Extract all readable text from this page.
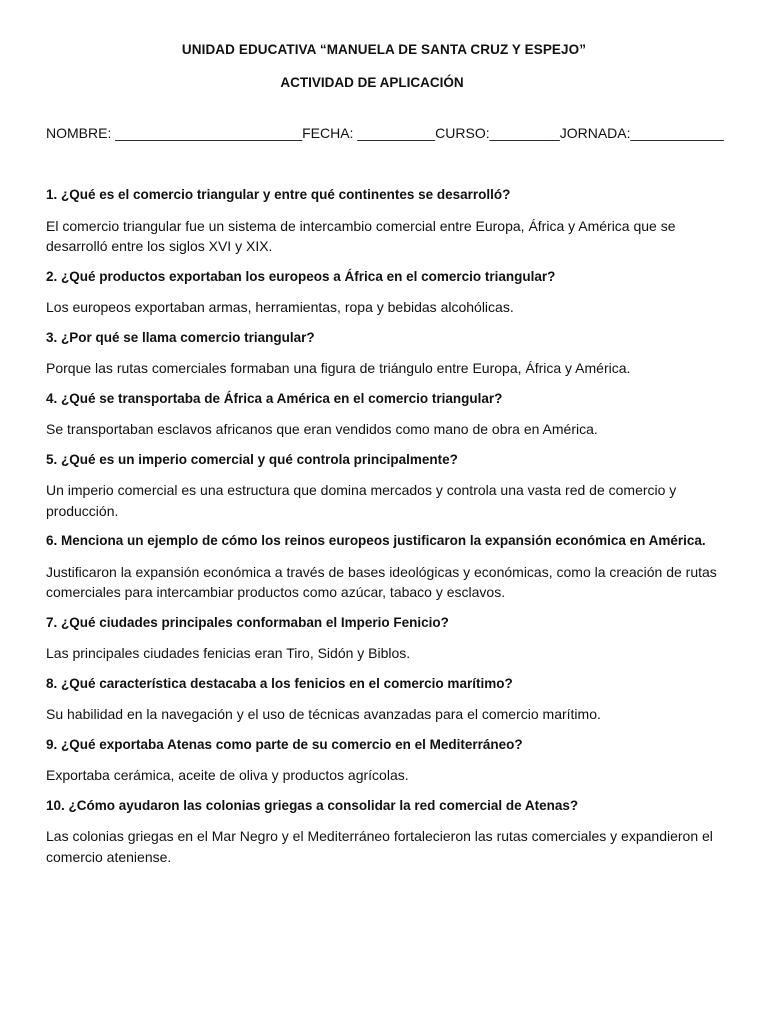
UNIDAD EDUCATIVA “MANUELA DE SANTA CRUZ Y ESPEJO”
ACTIVIDAD DE APLICACIÓN
NOMBRE: ________________________FECHA: __________CURSO:_________JORNADA:____________
1. ¿Qué es el comercio triangular y entre qué continentes se desarrolló?
El comercio triangular fue un sistema de intercambio comercial entre Europa, África y América que se desarrolló entre los siglos XVI y XIX.
2. ¿Qué productos exportaban los europeos a África en el comercio triangular?
Los europeos exportaban armas, herramientas, ropa y bebidas alcohólicas.
3. ¿Por qué se llama comercio triangular?
Porque las rutas comerciales formaban una figura de triángulo entre Europa, África y América.
4. ¿Qué se transportaba de África a América en el comercio triangular?
Se transportaban esclavos africanos que eran vendidos como mano de obra en América.
5. ¿Qué es un imperio comercial y qué controla principalmente?
Un imperio comercial es una estructura que domina mercados y controla una vasta red de comercio y producción.
6. Menciona un ejemplo de cómo los reinos europeos justificaron la expansión económica en América.
Justificaron la expansión económica a través de bases ideológicas y económicas, como la creación de rutas comerciales para intercambiar productos como azúcar, tabaco y esclavos.
7. ¿Qué ciudades principales conformaban el Imperio Fenicio?
Las principales ciudades fenicias eran Tiro, Sidón y Biblos.
8. ¿Qué característica destacaba a los fenicios en el comercio marítimo?
Su habilidad en la navegación y el uso de técnicas avanzadas para el comercio marítimo.
9. ¿Qué exportaba Atenas como parte de su comercio en el Mediterráneo?
Exportaba cerámica, aceite de oliva y productos agrícolas.
10. ¿Cómo ayudaron las colonias griegas a consolidar la red comercial de Atenas?
Las colonias griegas en el Mar Negro y el Mediterráneo fortalecieron las rutas comerciales y expandieron el comercio ateniense.
